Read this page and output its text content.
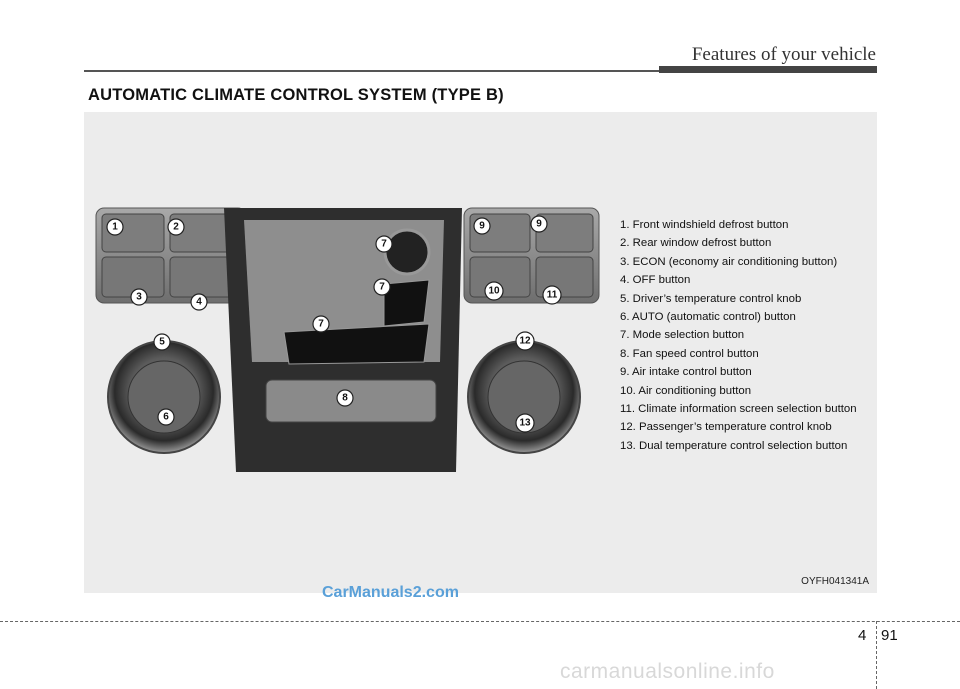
Features of your vehicle
AUTOMATIC CLIMATE CONTROL SYSTEM (TYPE B)
1	2
3	4
5
6
7
7
7
8
9	9
10	11
12
13
1. Front windshield defrost button
2. Rear window defrost button
3. ECON (economy air conditioning button)
4. OFF button
5. Driver’s temperature control knob
6. AUTO (automatic control) button
7. Mode selection button
8. Fan speed control button
9. Air intake control button
10. Air conditioning button
11. Climate information screen selection button
12. Passenger’s temperature control knob
13. Dual temperature control selection button
OYFH041341A
CarManuals2.com
4 91
carmanualsonline.info
